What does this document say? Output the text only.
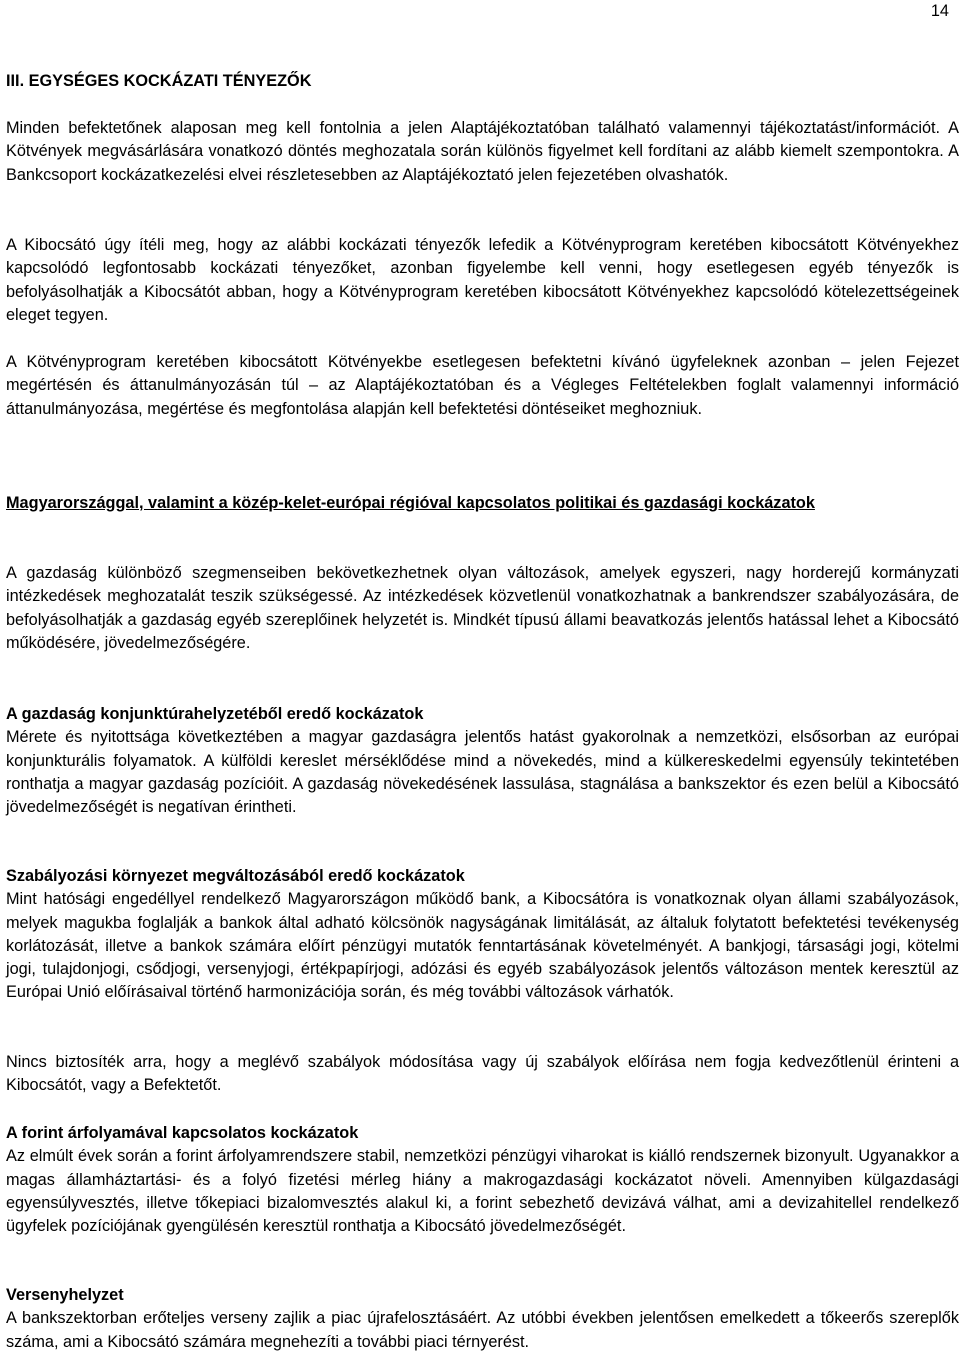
14
III. EGYSÉGES KOCKÁZATI TÉNYEZŐK

Minden befektetőnek alaposan meg kell fontolnia a jelen Alaptájékoztatóban található valamennyi tájékoztatást/információt. A Kötvények megvásárlására vonatkozó döntés meghozatala során különös figyelmet kell fordítani az alább kiemelt szempontokra. A Bankcsoport kockázatkezelési elvei részletesebben az Alaptájékoztató jelen fejezetében olvashatók.

A Kibocsátó úgy ítéli meg, hogy az alábbi kockázati tényezők lefedik a Kötvényprogram keretében kibocsátott Kötvényekhez kapcsolódó legfontosabb kockázati tényezőket, azonban figyelembe kell venni, hogy esetlegesen egyéb tényezők is befolyásolhatják a Kibocsátót abban, hogy a Kötvényprogram keretében kibocsátott Kötvényekhez kapcsolódó kötelezettségeinek eleget tegyen.

A Kötvényprogram keretében kibocsátott Kötvényekbe esetlegesen befektetni kívánó ügyfeleknek azonban – jelen Fejezet megértésén és áttanulmányozásán túl – az Alaptájékoztatóban és a Végleges Feltételekben foglalt valamennyi információ áttanulmányozása, megértése és megfontolása alapján kell befektetési döntéseiket meghozniuk.

Magyarországgal, valamint a közép-kelet-európai régióval kapcsolatos politikai és gazdasági kockázatok

A gazdaság különböző szegmenseiben bekövetkezhetnek olyan változások, amelyek egyszeri, nagy horderejű kormányzati intézkedések meghozatalát teszik szükségessé. Az intézkedések közvetlenül vonatkozhatnak a bankrendszer szabályozására, de befolyásolhatják a gazdaság egyéb szereplőinek helyzetét is. Mindkét típusú állami beavatkozás jelentős hatással lehet a Kibocsátó működésére, jövedelmezőségére.

A gazdaság konjunktúrahelyzetéből eredő kockázatok

Mérete és nyitottsága következtében a magyar gazdaságra jelentős hatást gyakorolnak a nemzetközi, elsősorban az európai konjunkturális folyamatok. A külföldi kereslet mérséklődése mind a növekedés, mind a külkereskedelmi egyensúly tekintetében ronthatja a magyar gazdaság pozícióit. A gazdaság növekedésének lassulása, stagnálása a bankszektor és ezen belül a Kibocsátó jövedelmezőségét is negatívan érintheti.

Szabályozási környezet megváltozásából eredő kockázatok

Mint hatósági engedéllyel rendelkező Magyarországon működő bank, a Kibocsátóra is vonatkoznak olyan állami szabályozások, melyek magukba foglalják a bankok által adható kölcsönök nagyságának limitálását, az általuk folytatott befektetési tevékenység korlátozását, illetve a bankok számára előírt pénzügyi mutatók fenntartásának követelményét. A bankjogi, társasági jogi, kötelmi jogi, tulajdonjogi, csődjogi, versenyjogi, értékpapírjogi, adózási és egyéb szabályozások jelentős változáson mentek keresztül az Európai Unió előírásaival történő harmonizációja során, és még további változások várhatók.

Nincs biztosíték arra, hogy a meglévő szabályok módosítása vagy új szabályok előírása nem fogja kedvezőtlenül érinteni a Kibocsátót, vagy a Befektetőt.

A forint árfolyamával kapcsolatos kockázatok

Az elmúlt évek során a forint árfolyamrendszere stabil, nemzetközi pénzügyi viharokat is kiálló rendszernek bizonyult. Ugyanakkor a magas államháztartási- és a folyó fizetési mérleg hiány a makrogazdasági kockázatot növeli. Amennyiben külgazdasági egyensúlyvesztés, illetve tőkepiaci bizalomvesztés alakul ki, a forint sebezhető devizává válhat, ami a devizahitellel rendelkező ügyfelek pozíciójának gyengülésén keresztül ronthatja a Kibocsátó jövedelmezőségét.

Versenyhelyzet

A bankszektorban erőteljes verseny zajlik a piac újrafelosztásáért. Az utóbbi években jelentősen emelkedett a tőkeerős szereplők száma, ami a Kibocsátó számára megnehezíti a további piaci térnyerést.
